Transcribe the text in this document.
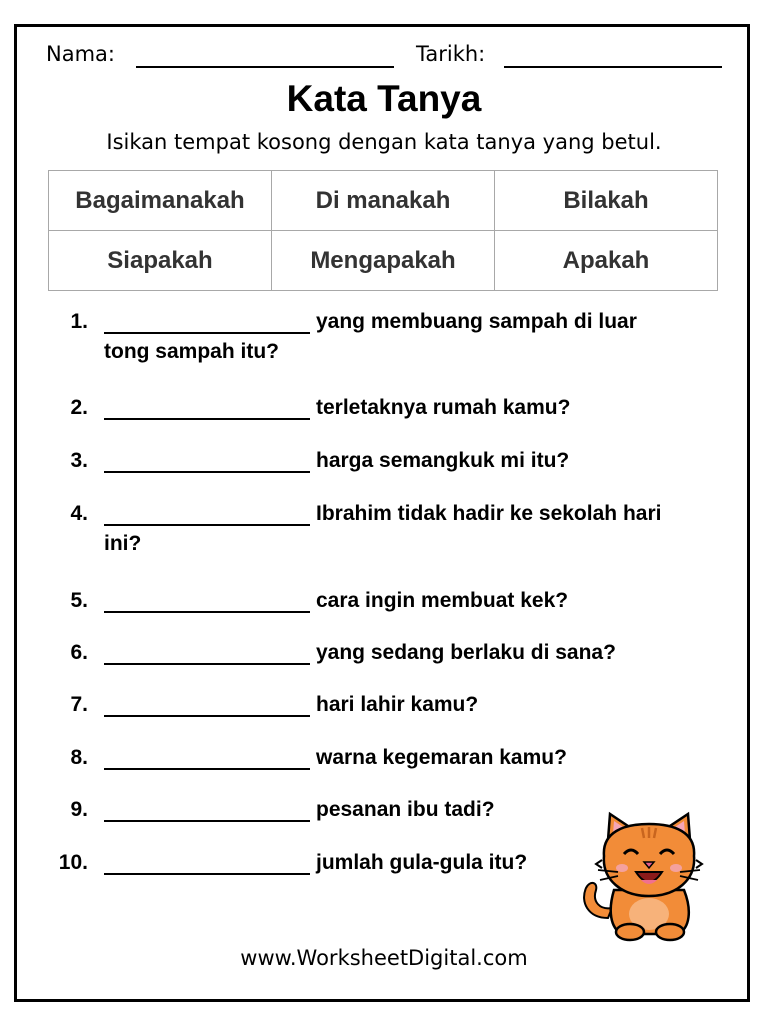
Nama:	Tarikh:
Kata Tanya
Isikan tempat kosong dengan kata tanya yang betul.
Bagaimanakah	Di manakah	Bilakah
Siapakah	Mengapakah	Apakah
1.	yang membuang sampah di luar
tong sampah itu?
2.	terletaknya rumah kamu?
3.	harga semangkuk mi itu?
4.	Ibrahim tidak hadir ke sekolah hari
ini?
5.	cara ingin membuat kek?
6.	yang sedang berlaku di sana?
7.	hari lahir kamu?
8.	warna kegemaran kamu?
9.	pesanan ibu tadi?
10.	jumlah gula-gula itu?
www.WorksheetDigital.com
